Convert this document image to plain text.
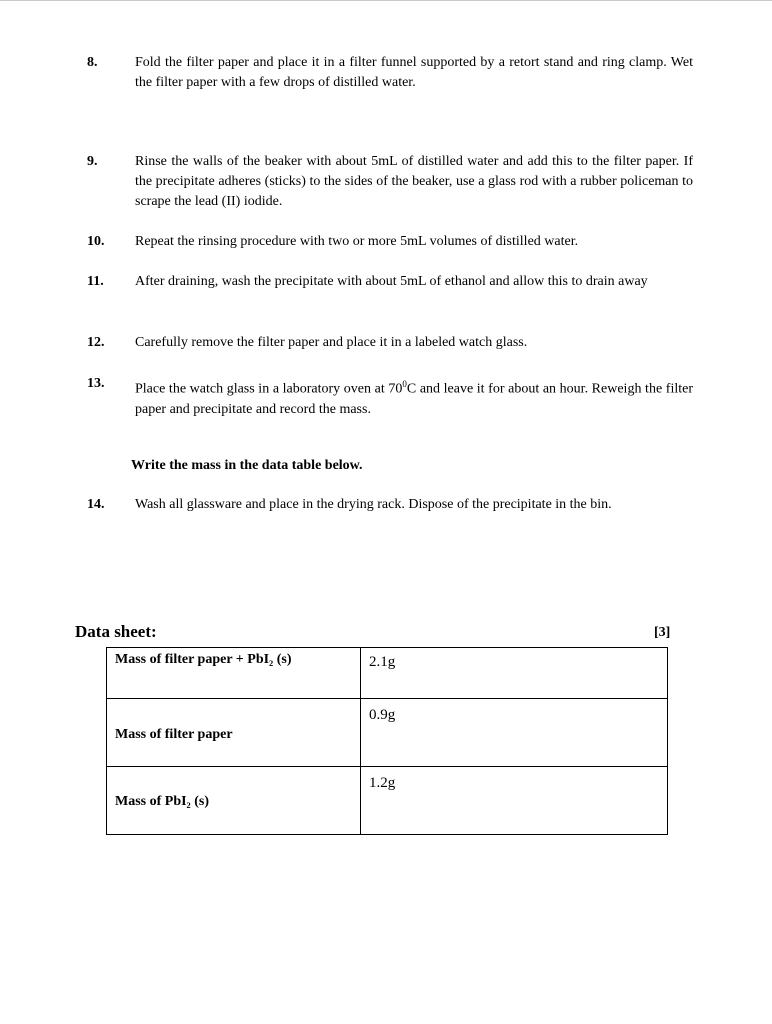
8.	Fold the filter paper and place it in a filter funnel supported by a retort stand and ring clamp. Wet the filter paper with a few drops of distilled water.
9.	Rinse the walls of the beaker with about 5mL of distilled water and add this to the filter paper. If the precipitate adheres (sticks) to the sides of the beaker, use a glass rod with a rubber policeman to scrape the lead (II) iodide.
10. Repeat the rinsing procedure with two or more 5mL volumes of distilled water.
11. After draining, wash the precipitate with about 5mL of ethanol and allow this to drain away
12. Carefully remove the filter paper and place it in a labeled watch glass.
13. Place the watch glass in a laboratory oven at $70^0C$ and leave it for about an hour. Reweigh the filter paper and precipitate and record the mass.
Write the mass in the data table below.
14. Wash all glassware and place in the drying rack. Dispose of the precipitate in the bin.
Data sheet:	[3]
Mass of filter paper + PbI₂ (s)	2.1g

Mass of filter paper	0.9g

Mass of PbI₂ (s)	1.2g
